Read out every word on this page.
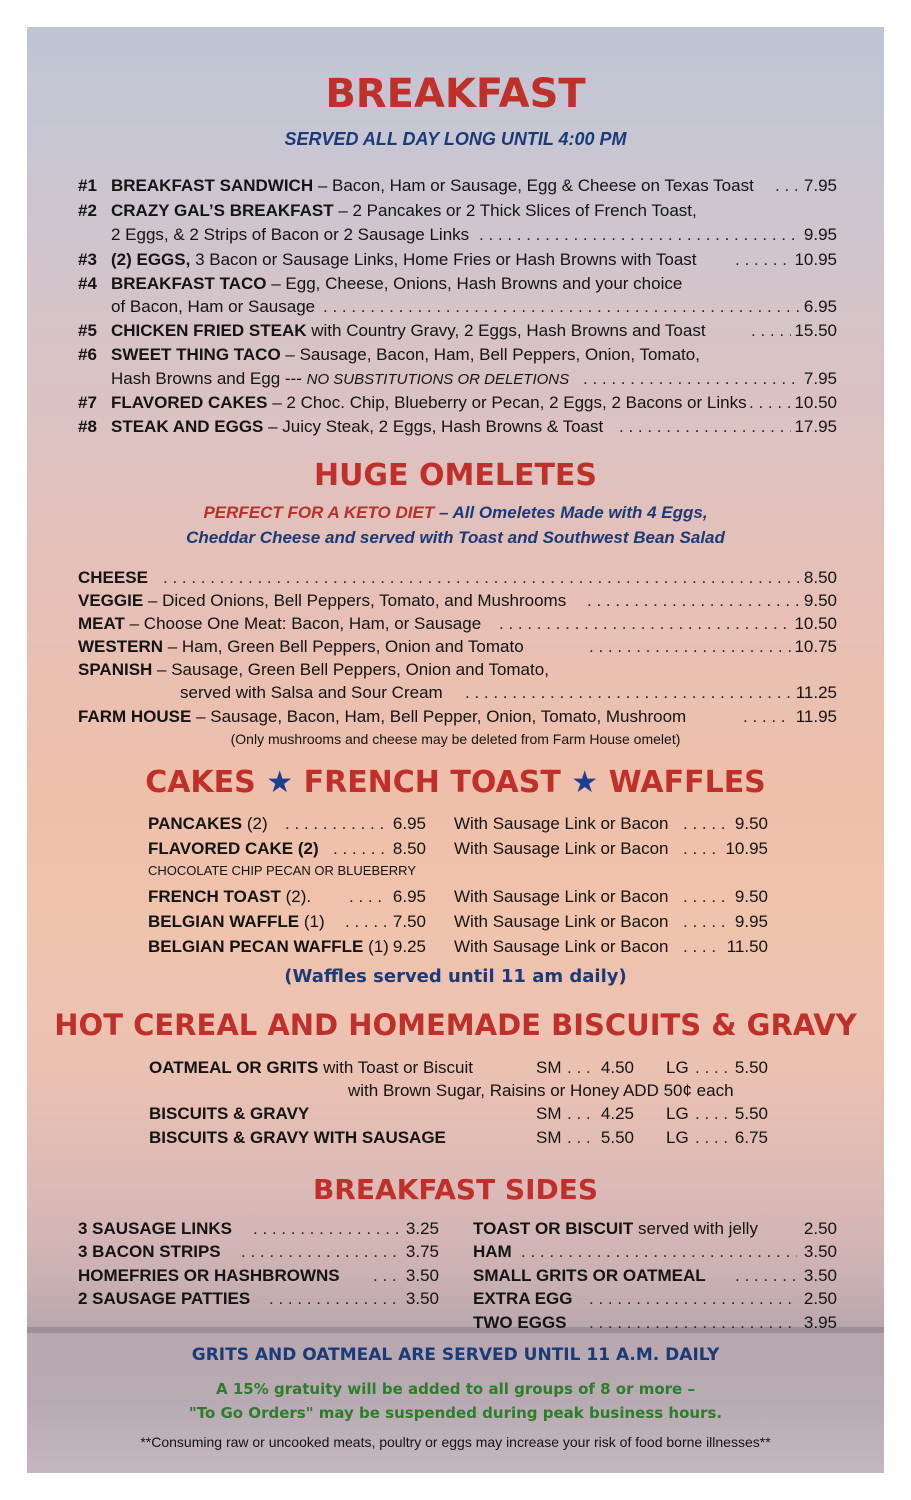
BREAKFAST
SERVED ALL DAY LONG UNTIL 4:00 PM
#1 BREAKFAST SANDWICH – Bacon, Ham or Sausage, Egg & Cheese on Texas Toast . . .	7.95
#2 CRAZY GAL’S BREAKFAST – 2 Pancakes or 2 Thick Slices of French Toast,
2 Eggs, & 2 Strips of Bacon or 2 Sausage Links . . .	9.95
#3 (2) EGGS, 3 Bacon or Sausage Links, Home Fries or Hash Browns with Toast . . .	10.95
#4 BREAKFAST TACO – Egg, Cheese, Onions, Hash Browns and your choice
of Bacon, Ham or Sausage . . .	6.95
#5 CHICKEN FRIED STEAK with Country Gravy, 2 Eggs, Hash Browns and Toast . . .	15.50
#6 SWEET THING TACO – Sausage, Bacon, Ham, Bell Peppers, Onion, Tomato,
Hash Browns and Egg --- NO SUBSTITUTIONS OR DELETIONS . . .	7.95
#7 FLAVORED CAKES – 2 Choc. Chip, Blueberry or Pecan, 2 Eggs, 2 Bacons or Links . . .	10.50
#8 STEAK AND EGGS – Juicy Steak, 2 Eggs, Hash Browns & Toast . . .	17.95
HUGE OMELETES
PERFECT FOR A KETO DIET – All Omeletes Made with 4 Eggs,
Cheddar Cheese and served with Toast and Southwest Bean Salad
CHEESE . . .	8.50
VEGGIE – Diced Onions, Bell Peppers, Tomato, and Mushrooms . . .	9.50
MEAT – Choose One Meat: Bacon, Ham, or Sausage . . .	10.50
WESTERN – Ham, Green Bell Peppers, Onion and Tomato . . .	10.75
SPANISH – Sausage, Green Bell Peppers, Onion and Tomato,
served with Salsa and Sour Cream . . .	11.25
FARM HOUSE – Sausage, Bacon, Ham, Bell Pepper, Onion, Tomato, Mushroom . . .	11.95
(Only mushrooms and cheese may be deleted from Farm House omelet)
CAKES ★ FRENCH TOAST ★ WAFFLES
PANCAKES (2) . . .	6.95 With Sausage Link or Bacon . . .	9.50
FLAVORED CAKE (2) . . .	8.50 With Sausage Link or Bacon . . .	10.95
CHOCOLATE CHIP PECAN OR BLUEBERRY
FRENCH TOAST (2). . . .	6.95 With Sausage Link or Bacon . . .	9.50
BELGIAN WAFFLE (1) . . .	7.50 With Sausage Link or Bacon . . .	9.95
BELGIAN PECAN WAFFLE (1) 9.25 With Sausage Link or Bacon . . .	11.50
(Waffles served until 11 am daily)
HOT CEREAL AND HOMEMADE BISCUITS & GRAVY
OATMEAL OR GRITS with Toast or Biscuit	SM . . . 4.50 LG . . .	5.50
with Brown Sugar, Raisins or Honey ADD 50¢ each
BISCUITS & GRAVY	SM . . . 4.25 LG . . .	5.50
BISCUITS & GRAVY WITH SAUSAGE	SM . . . 5.50 LG . . .	6.75
BREAKFAST SIDES
3 SAUSAGE LINKS . . .	3.25
3 BACON STRIPS . . .	3.75
HOMEFRIES OR HASHBROWNS . . .	3.50
2 SAUSAGE PATTIES . . .	3.50
TOAST OR BISCUIT served with jelly	2.50
HAM . . .	3.50
SMALL GRITS OR OATMEAL . . .	3.50
EXTRA EGG . . .	2.50
TWO EGGS . . .	3.95
GRITS AND OATMEAL ARE SERVED UNTIL 11 A.M. DAILY
A 15% gratuity will be added to all groups of 8 or more –
"To Go Orders" may be suspended during peak business hours.
**Consuming raw or uncooked meats, poultry or eggs may increase your risk of food borne illnesses**
